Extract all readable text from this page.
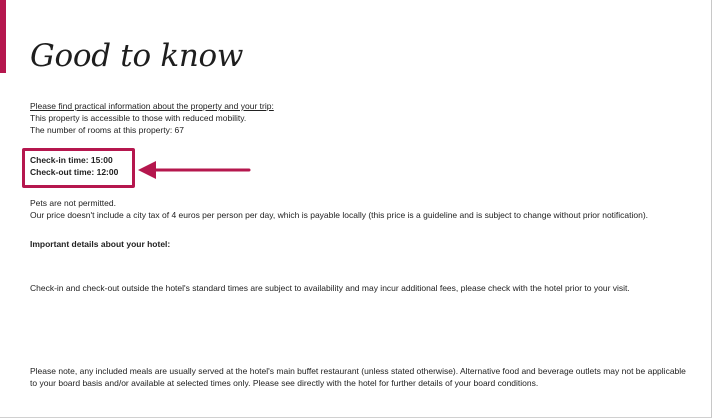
Good to know
Please find practical information about the property and your trip:
This property is accessible to those with reduced mobility.
The number of rooms at this property: 67
Check-in time: 15:00
Check-out time: 12:00
Pets are not permitted.
Our price doesn't include a city tax of 4 euros per person per day, which is payable locally (this price is a guideline and is subject to change without prior notification).
Important details about your hotel:
Check-in and check-out outside the hotel's standard times are subject to availability and may incur additional fees, please check with the hotel prior to your visit.
Please note, any included meals are usually served at the hotel's main buffet restaurant (unless stated otherwise). Alternative food and beverage outlets may not be applicable to your board basis and/or available at selected times only. Please see directly with the hotel for further details of your board conditions.
